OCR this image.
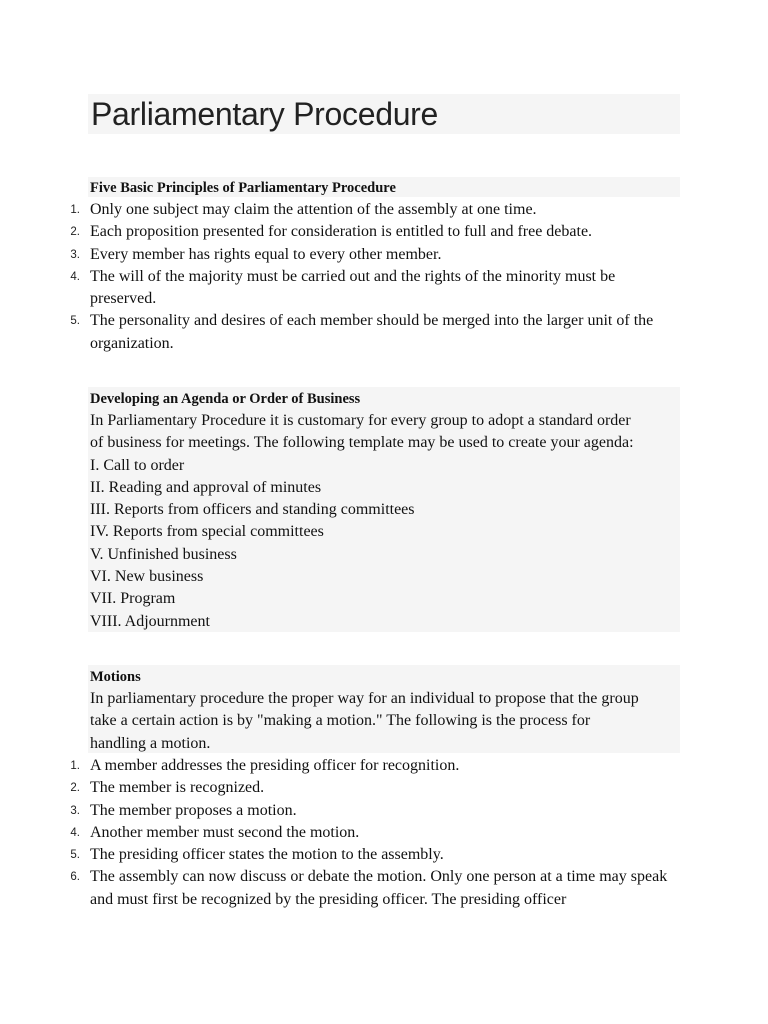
Parliamentary Procedure
Five Basic Principles of Parliamentary Procedure
1. Only one subject may claim the attention of the assembly at one time.
2. Each proposition presented for consideration is entitled to full and free debate.
3. Every member has rights equal to every other member.
4. The will of the majority must be carried out and the rights of the minority must be preserved.
5. The personality and desires of each member should be merged into the larger unit of the organization.
Developing an Agenda or Order of Business
In Parliamentary Procedure it is customary for every group to adopt a standard order
of business for meetings. The following template may be used to create your agenda:
I. Call to order
II. Reading and approval of minutes
III. Reports from officers and standing committees
IV. Reports from special committees
V. Unfinished business
VI. New business
VII. Program
VIII. Adjournment
Motions
In parliamentary procedure the proper way for an individual to propose that the group
take a certain action is by "making a motion." The following is the process for
handling a motion.
1. A member addresses the presiding officer for recognition.
2. The member is recognized.
3. The member proposes a motion.
4. Another member must second the motion.
5. The presiding officer states the motion to the assembly.
6. The assembly can now discuss or debate the motion. Only one person at a time may speak and must first be recognized by the presiding officer. The presiding officer
